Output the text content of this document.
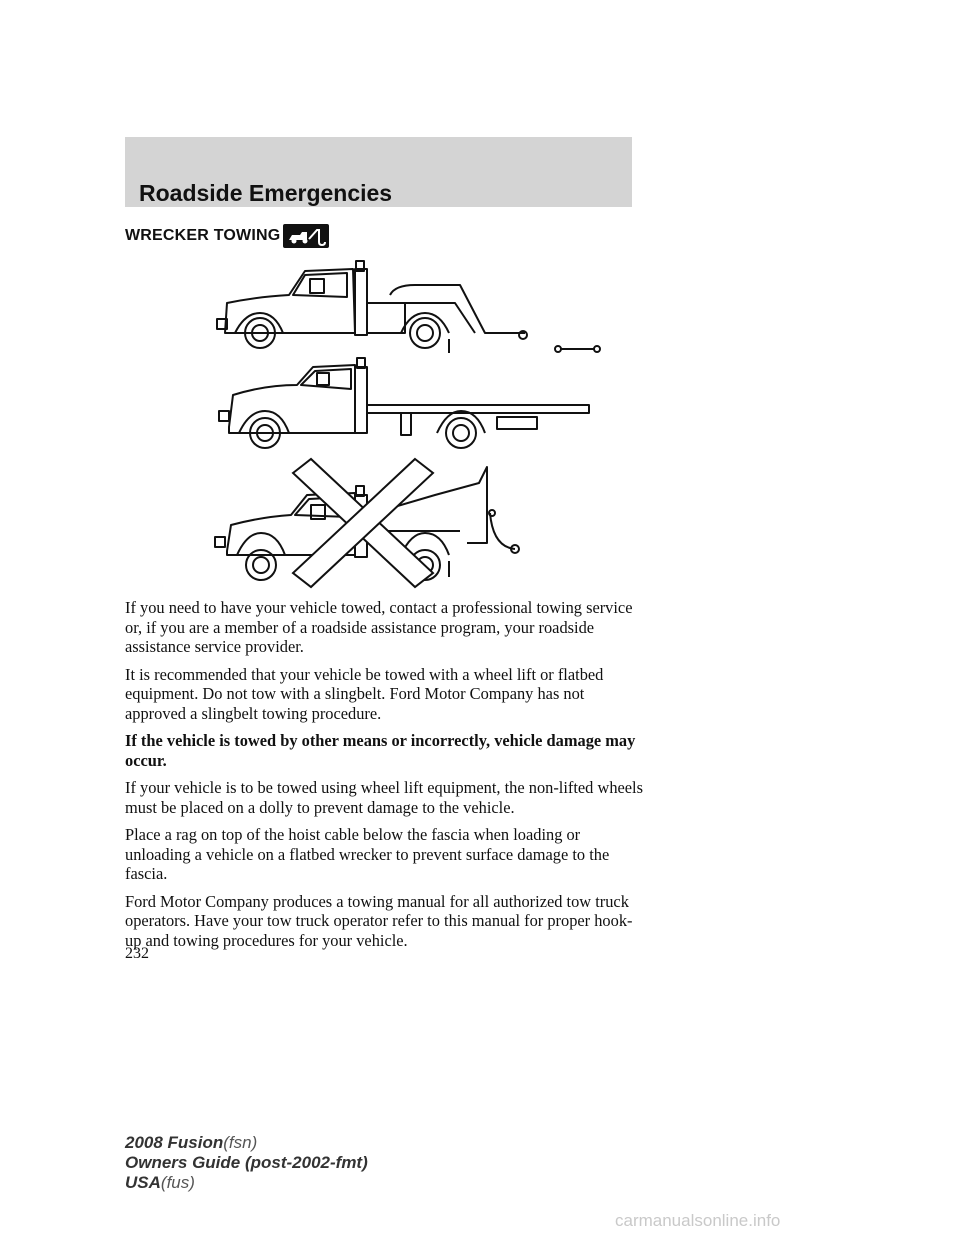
Roadside Emergencies
WRECKER TOWING

If you need to have your vehicle towed, contact a professional towing service or, if you are a member of a roadside assistance program, your roadside assistance service provider.

It is recommended that your vehicle be towed with a wheel lift or flatbed equipment. Do not tow with a slingbelt. Ford Motor Company has not approved a slingbelt towing procedure.

If the vehicle is towed by other means or incorrectly, vehicle damage may occur.

If your vehicle is to be towed using wheel lift equipment, the non-lifted wheels must be placed on a dolly to prevent damage to the vehicle.

Place a rag on top of the hoist cable below the fascia when loading or unloading a vehicle on a flatbed wrecker to prevent surface damage to the fascia.

Ford Motor Company produces a towing manual for all authorized tow truck operators. Have your tow truck operator refer to this manual for proper hook-up and towing procedures for your vehicle.

232
2008 Fusion(fsn)
Owners Guide (post-2002-fmt)
USA(fus)
carmanualsonline.info
